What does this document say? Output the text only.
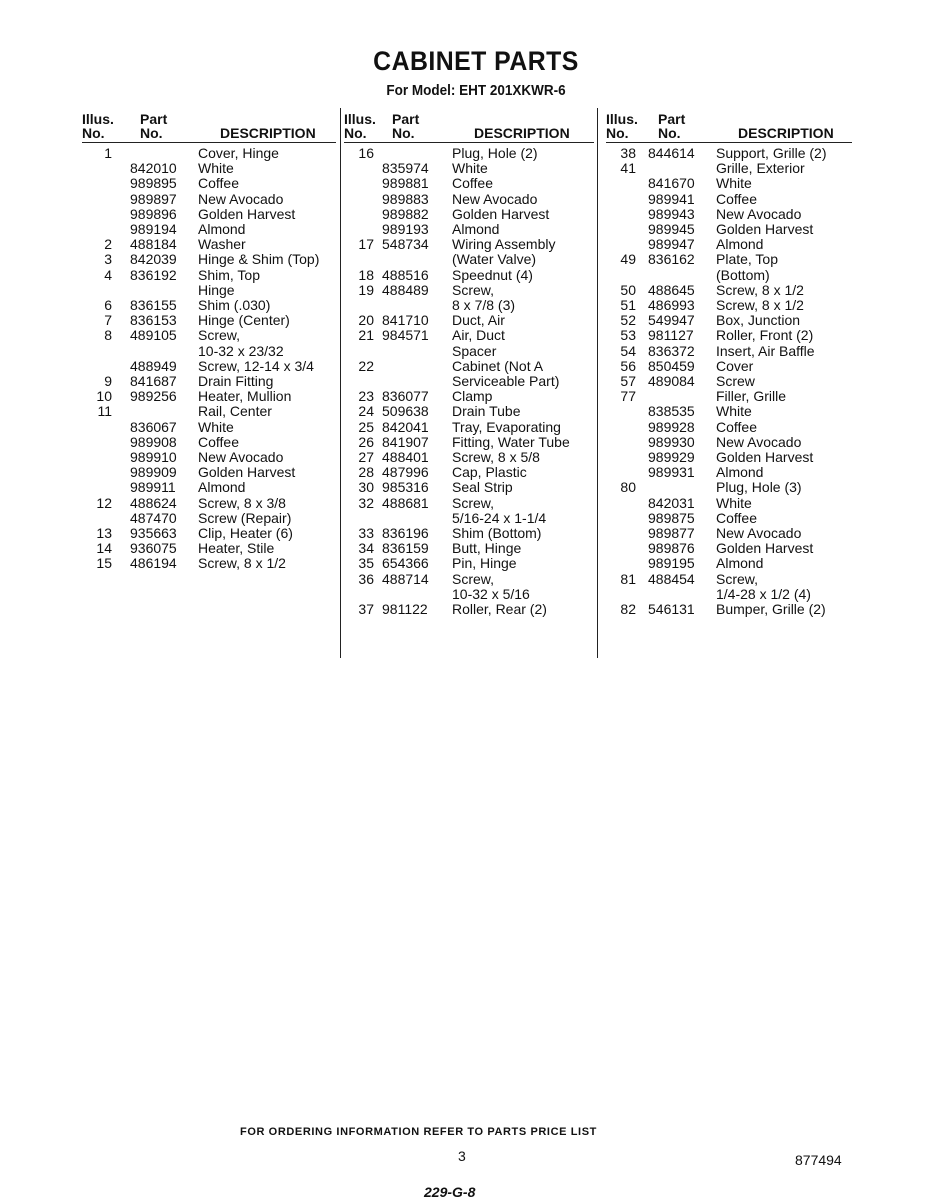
CABINET PARTS
For Model: EHT 201XKWR-6
Illus.
No.
Part
No.	DESCRIPTION
1	Cover, Hinge
842010 White
989895 Coffee
989897 New Avocado
989896 Golden Harvest
989194 Almond
2 488184 Washer
3 842039 Hinge & Shim (Top)
4 836192 Shim, Top
Hinge
6 836155 Shim (.030)
7 836153 Hinge (Center)
8 489105 Screw,
10-32 x 23/32
488949 Screw, 12-14 x 3/4
9 841687 Drain Fitting
10 989256 Heater, Mullion
11	Rail, Center
836067 White
989908 Coffee
989910 New Avocado
989909 Golden Harvest
989911 Almond
12 488624 Screw, 8 x 3/8
487470 Screw (Repair)
13 935663 Clip, Heater (6)
14 936075 Heater, Stile
15 486194 Screw, 8 x 1/2
Illus.
No.
Part
No.	DESCRIPTION
16	Plug, Hole (2)
835974 White
989881 Coffee
989883 New Avocado
989882 Golden Harvest
989193 Almond
17 548734 Wiring Assembly
(Water Valve)
18 488516 Speednut (4)
19 488489 Screw,
8 x 7/8 (3)
20 841710 Duct, Air
21 984571 Air, Duct
Spacer
22	Cabinet (Not A
Serviceable Part)
23 836077 Clamp
24 509638 Drain Tube
25 842041 Tray, Evaporating
26 841907 Fitting, Water Tube
27 488401 Screw, 8 x 5/8
28 487996 Cap, Plastic
30 985316 Seal Strip
32 488681 Screw,
5/16-24 x 1-1/4
33 836196 Shim (Bottom)
34 836159 Butt, Hinge
35 654366 Pin, Hinge
36 488714 Screw,
10-32 x 5/16
37 981122 Roller, Rear (2)
Illus.
No.
Part
No.	DESCRIPTION
38 844614 Support, Grille (2)
41	Grille, Exterior
841670 White
989941 Coffee
989943 New Avocado
989945 Golden Harvest
989947 Almond
49 836162 Plate, Top
(Bottom)
50 488645 Screw, 8 x 1/2
51 486993 Screw, 8 x 1/2
52 549947 Box, Junction
53 981127 Roller, Front (2)
54 836372 Insert, Air Baffle
56 850459 Cover
57 489084 Screw
77	Filler, Grille
838535 White
989928 Coffee
989930 New Avocado
989929 Golden Harvest
989931 Almond
80	Plug, Hole (3)
842031 White
989875 Coffee
989877 New Avocado
989876 Golden Harvest
989195 Almond
81 488454 Screw,
1/4-28 x 1/2 (4)
82 546131 Bumper, Grille (2)
FOR ORDERING INFORMATION REFER TO PARTS PRICE LIST
3	877494
229-G-8
